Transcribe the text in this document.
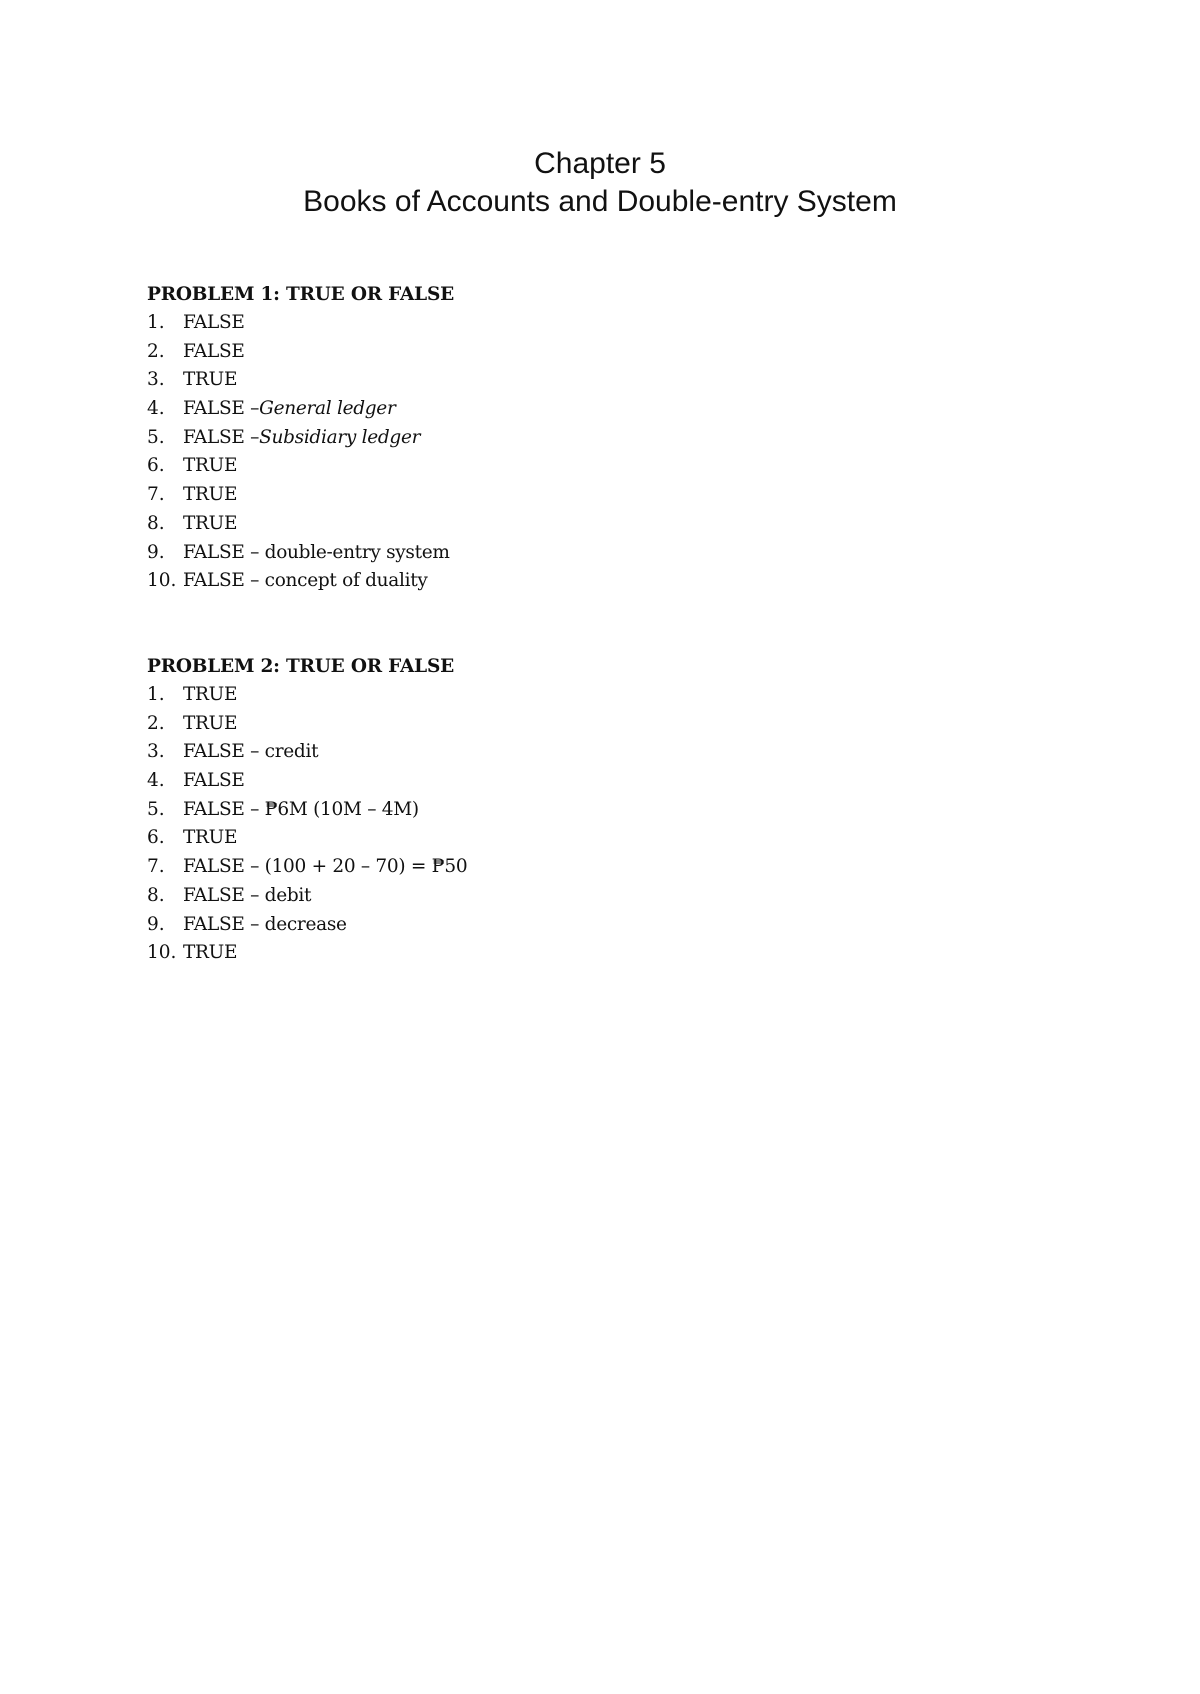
Chapter 5
Books of Accounts and Double-entry System

PROBLEM 1: TRUE OR FALSE

1. FALSE
2. FALSE
3. TRUE
4. FALSE – General ledger
5. FALSE – Subsidiary ledger
6. TRUE
7. TRUE
8. TRUE
9. FALSE – double-entry system
10. FALSE – concept of duality

PROBLEM 2: TRUE OR FALSE

1. TRUE
2. TRUE
3. FALSE – credit
4. FALSE
5. FALSE – ₱6M (10M – 4M)
6. TRUE
7. FALSE – (100 + 20 – 70) = ₱50
8. FALSE – debit
9. FALSE – decrease
10. TRUE
